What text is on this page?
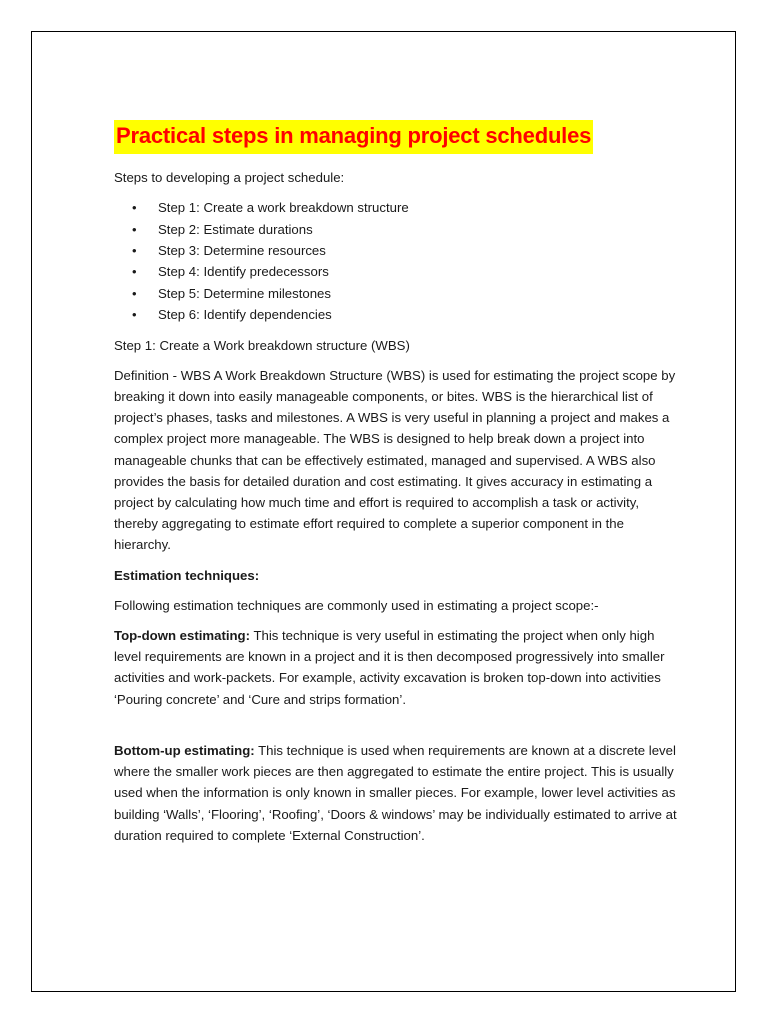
Practical steps in managing project schedules

Steps to developing a project schedule:

• Step 1: Create a work breakdown structure
• Step 2: Estimate durations
• Step 3: Determine resources
• Step 4: Identify predecessors
• Step 5: Determine milestones
• Step 6: Identify dependencies

Step 1: Create a Work breakdown structure (WBS)

Definition - WBS A Work Breakdown Structure (WBS) is used for estimating the project scope by breaking it down into easily manageable components, or bites. WBS is the hierarchical list of project’s phases, tasks and milestones. A WBS is very useful in planning a project and makes a complex project more manageable. The WBS is designed to help break down a project into manageable chunks that can be effectively estimated, managed and supervised. A WBS also provides the basis for detailed duration and cost estimating. It gives accuracy in estimating a project by calculating how much time and effort is required to accomplish a task or activity, thereby aggregating to estimate effort required to complete a superior component in the hierarchy.

Estimation techniques:

Following estimation techniques are commonly used in estimating a project scope:-

Top-down estimating: This technique is very useful in estimating the project when only high level requirements are known in a project and it is then decomposed progressively into smaller activities and work-packets. For example, activity excavation is broken top-down into activities ‘Pouring concrete’ and ‘Cure and strips formation’.

Bottom-up estimating: This technique is used when requirements are known at a discrete level where the smaller work pieces are then aggregated to estimate the entire project. This is usually used when the information is only known in smaller pieces. For example, lower level activities as building ‘Walls’, ‘Flooring’, ‘Roofing’, ‘Doors & windows’ may be individually estimated to arrive at duration required to complete ‘External Construction’.
